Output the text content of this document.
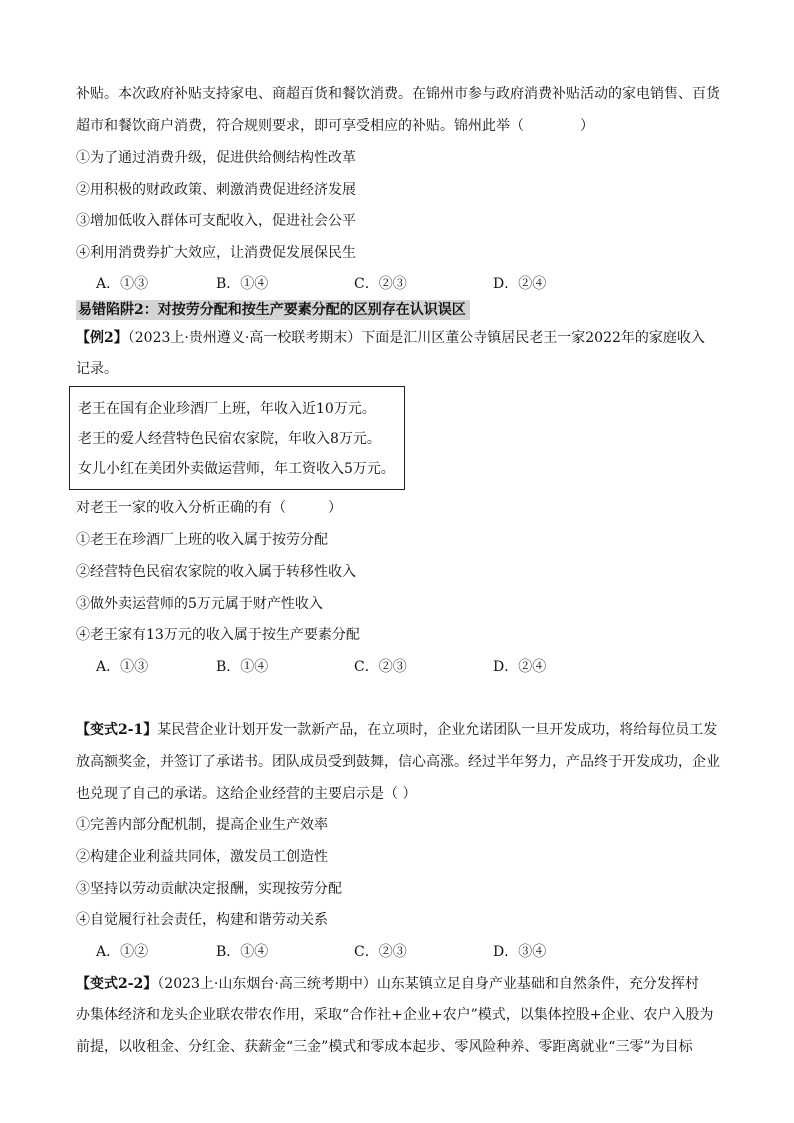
补贴。本次政府补贴支持家电、商超百货和餐饮消费。在锦州市参与政府消费补贴活动的家电销售、百货
超市和餐饮商户消费，符合规则要求，即可享受相应的补贴。锦州此举（　　　　）
①为了通过消费升级，促进供给侧结构性改革
②用积极的财政政策、刺激消费促进经济发展
③增加低收入群体可支配收入，促进社会公平
④利用消费券扩大效应，让消费促发展保民生
A．①③	B．①④	C．②③	D．②④
易错陷阱2：对按劳分配和按生产要素分配的区别存在认识误区
【例2】（2023上·贵州遵义·高一校联考期末）下面是汇川区董公寺镇居民老王一家2022年的家庭收入
记录。
老王在国有企业珍酒厂上班，年收入近10万元。
老王的爱人经营特色民宿农家院，年收入8万元。
女儿小红在美团外卖做运营师，年工资收入5万元。
对老王一家的收入分析正确的有（　　　）
①老王在珍酒厂上班的收入属于按劳分配
②经营特色民宿农家院的收入属于转移性收入
③做外卖运营师的5万元属于财产性收入
④老王家有13万元的收入属于按生产要素分配
A．①③	B．①④	C．②③	D．②④
【变式2-1】某民营企业计划开发一款新产品，在立项时，企业允诺团队一旦开发成功，将给每位员工发
放高额奖金，并签订了承诺书。团队成员受到鼓舞，信心高涨。经过半年努力，产品终于开发成功，企业
也兑现了自己的承诺。这给企业经营的主要启示是（ ）
①完善内部分配机制，提高企业生产效率
②构建企业利益共同体，激发员工创造性
③坚持以劳动贡献决定报酬，实现按劳分配
④自觉履行社会责任，构建和谐劳动关系
A．①②	B．①④	C．②③	D．③④
【变式2-2】（2023上·山东烟台·高三统考期中）山东某镇立足自身产业基础和自然条件，充分发挥村
办集体经济和龙头企业联农带农作用，采取“合作社+企业+农户”模式，以集体控股+企业、农户入股为
前提，以收租金、分红金、获薪金“三金”模式和零成本起步、零风险种养、零距离就业“三零”为目标
